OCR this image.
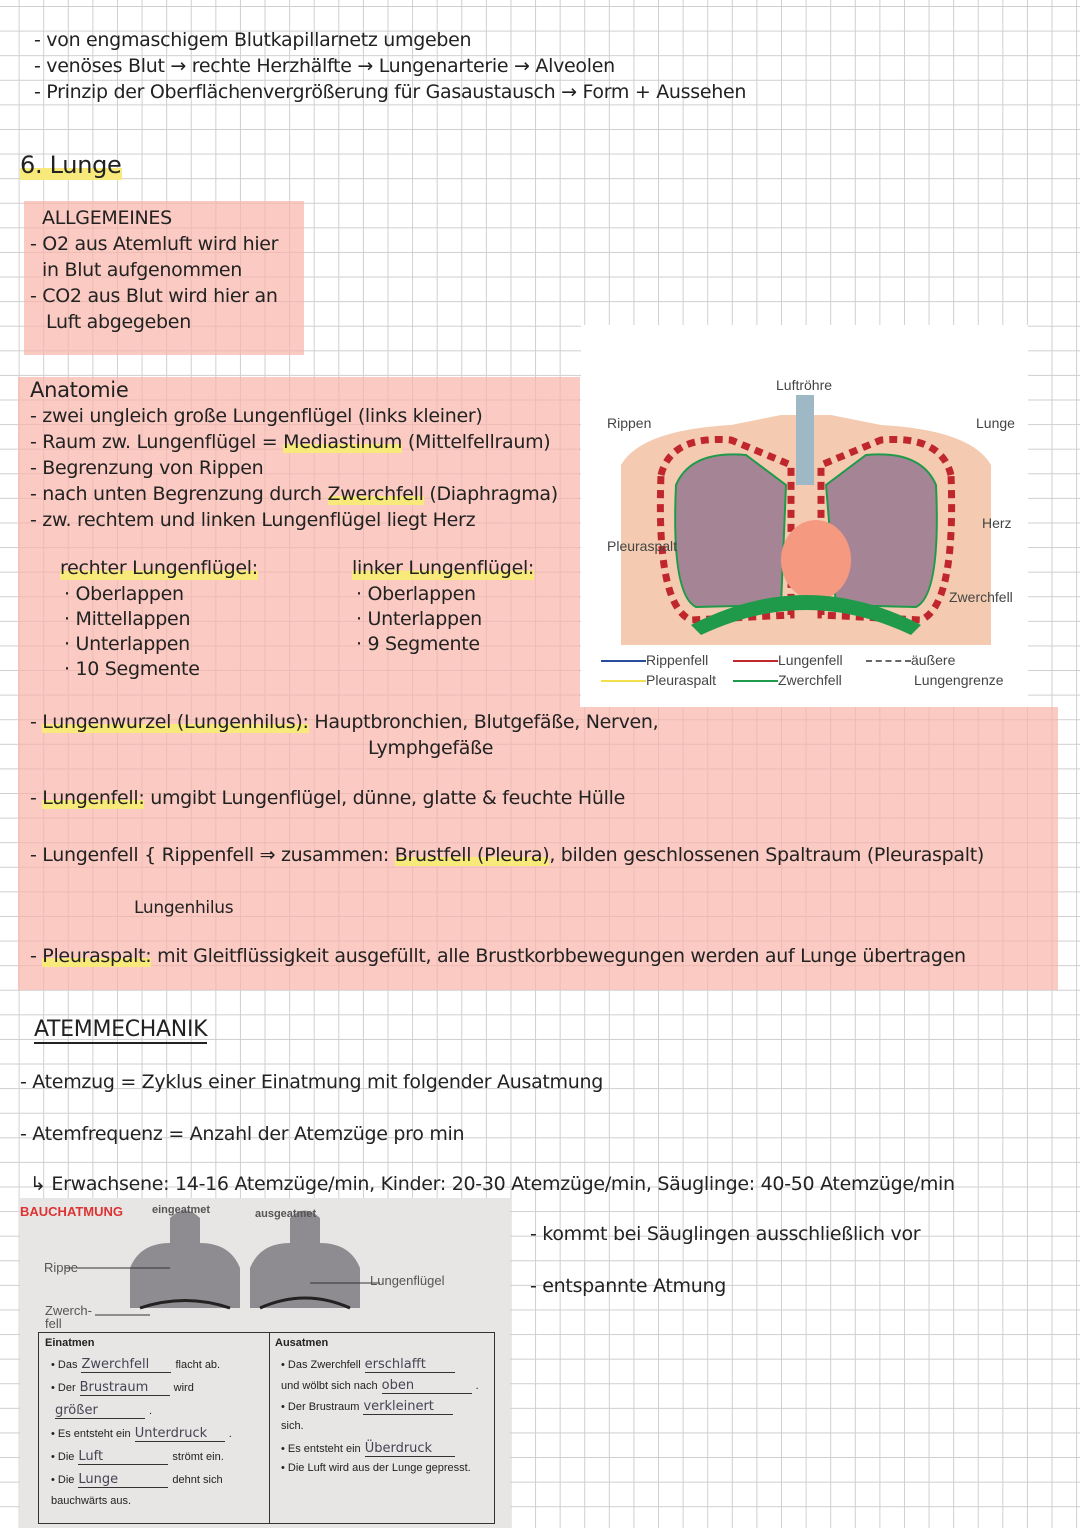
- von engmaschigem Blutkapillarnetz umgeben
- venöses Blut → rechte Herzhälfte → Lungenarterie → Alveolen
- Prinzip der Oberflächenvergrößerung für Gasaustausch → Form + Aussehen
6. Lunge
ALLGEMEINES
- O2 aus Atemluft wird hier
in Blut aufgenommen
- CO2 aus Blut wird hier an
Luft abgegeben
Anatomie
- zwei ungleich große Lungenflügel (links kleiner)
- Raum zw. Lungenflügel = Mediastinum (Mittelfellraum)
- Begrenzung von Rippen
- nach unten Begrenzung durch Zwerchfell (Diaphragma)
- zw. rechtem und linken Lungenflügel liegt Herz
rechter Lungenflügel:
· Oberlappen
· Mittellappen
· Unterlappen
· 10 Segmente
linker Lungenflügel:
· Oberlappen
· Unterlappen
· 9 Segmente
Luftröhre
Rippen	Lunge
Herz
Pleuraspalt
Zwerchfell
Rippenfell
Pleuraspalt
Lungenfell
Zwerchfell
äußere
Lungengrenze
- Lungenwurzel (Lungenhilus): Hauptbronchien, Blutgefäße, Nerven,
Lymphgefäße
- Lungenfell: umgibt Lungenflügel, dünne, glatte & feuchte Hülle
- Lungenfell { Rippenfell ⇒ zusammen: Brustfell (Pleura), bilden geschlossenen Spaltraum (Pleuraspalt)
Lungenhilus
- Pleuraspalt: mit Gleitflüssigkeit ausgefüllt, alle Brustkorbbewegungen werden auf Lunge übertragen
ATEMMECHANIK
- Atemzug = Zyklus einer Einatmung mit folgender Ausatmung
- Atemfrequenz = Anzahl der Atemzüge pro min
↳ Erwachsene: 14-16 Atemzüge/min, Kinder: 20-30 Atemzüge/min, Säuglinge: 40-50 Atemzüge/min
BAUCHATMUNG	eingeatmet	ausgeatmet
Rippe
Zwerch-fell
Lungenflügel
Einatmen	Ausatmen
• Das Zwerchfell flacht ab.
• Der Brustraum wird
größer	.
• Es entsteht ein Unterdruck .
• Die Luft	strömt ein.
• Die Lunge	dehnt sich
bauchwärts aus.
• Das Zwerchfell erschlafft
und wölbt sich nach oben	.
• Der Brustraum verkleinert
sich.
• Es entsteht ein Überdruck
• Die Luft wird aus der Lunge gepresst.
- kommt bei Säuglingen ausschließlich vor
- entspannte Atmung
